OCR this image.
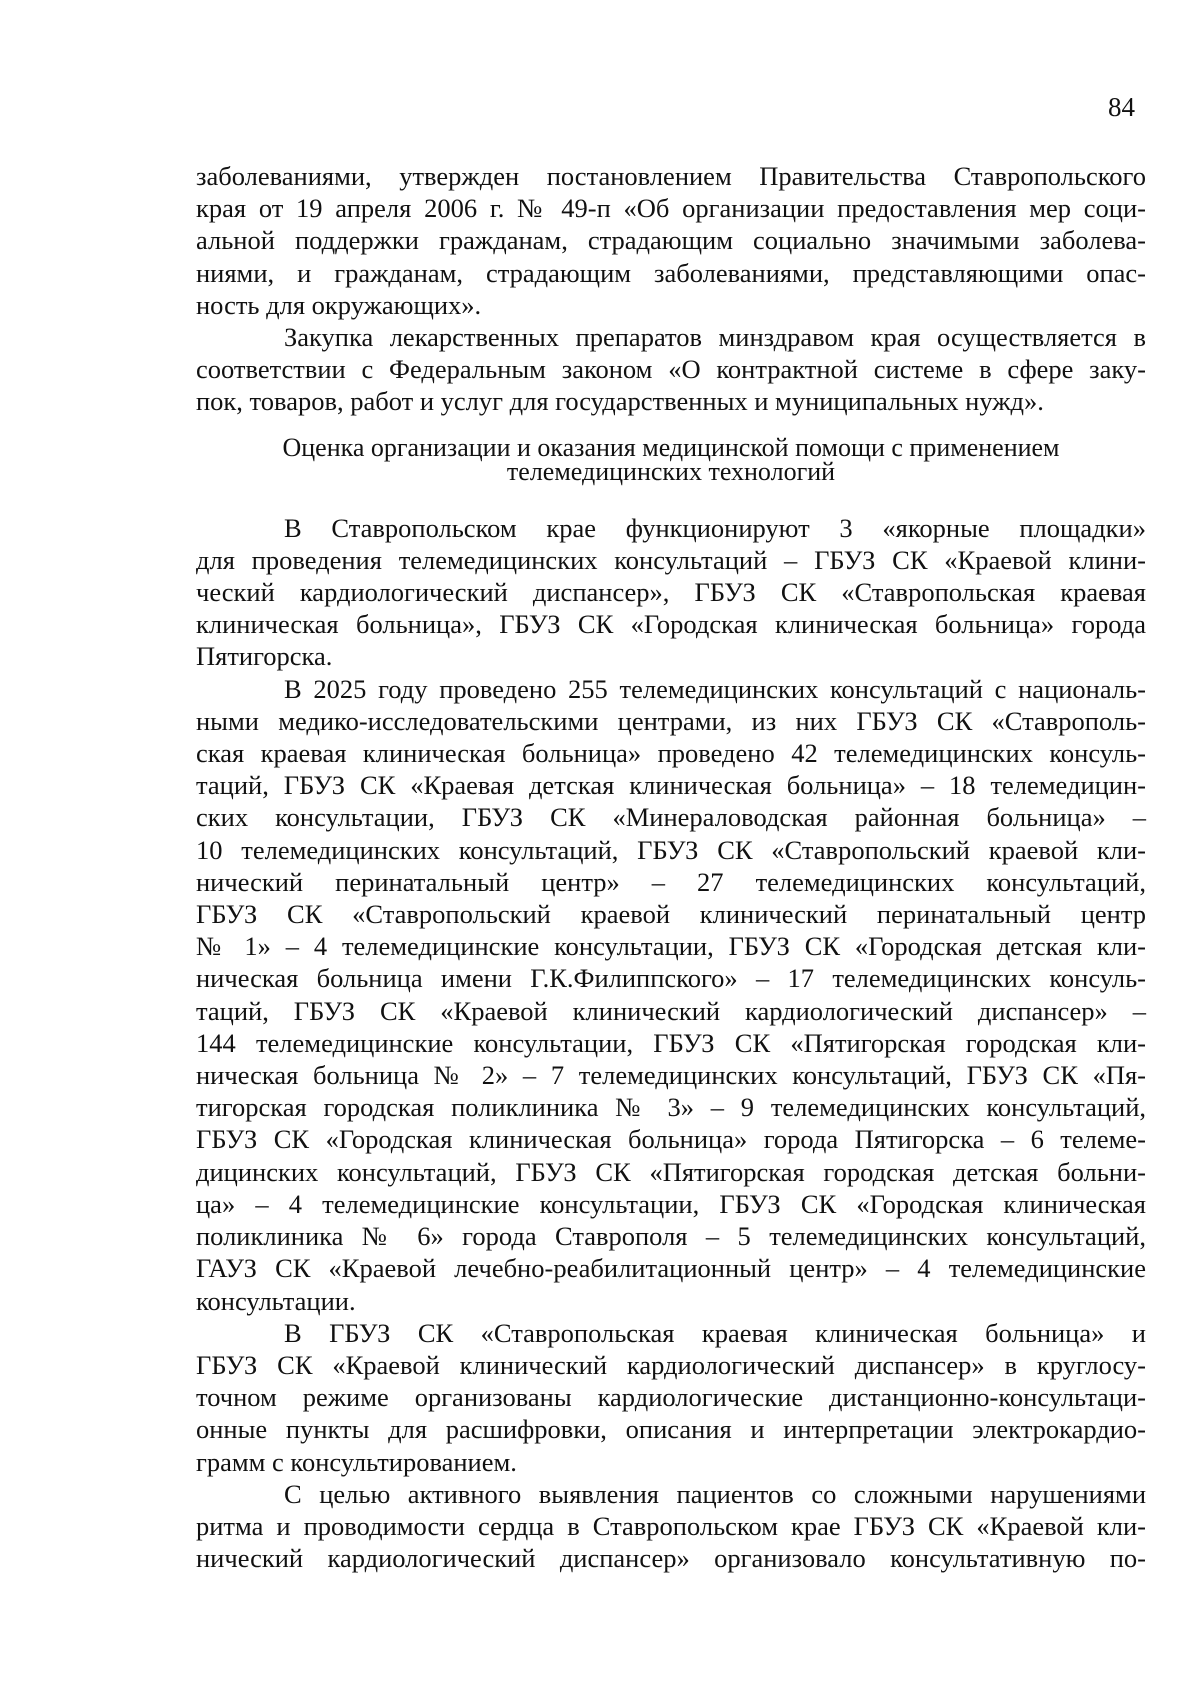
84
заболеваниями, утвержден постановлением Правительства Ставропольского
края от 19 апреля 2006 г. № 49-п «Об организации предоставления мер соци-
альной поддержки гражданам, страдающим социально значимыми заболева-
ниями, и гражданам, страдающим заболеваниями, представляющими опас-
ность для окружающих».
Закупка лекарственных препаратов минздравом края осуществляется в
соответствии с Федеральным законом «О контрактной системе в сфере заку-
пок, товаров, работ и услуг для государственных и муниципальных нужд».
Оценка организации и оказания медицинской помощи с применением
телемедицинских технологий
В Ставропольском крае функционируют 3 «якорные площадки»
для проведения телемедицинских консультаций – ГБУЗ СК «Краевой клини-
ческий кардиологический диспансер», ГБУЗ СК «Ставропольская краевая
клиническая больница», ГБУЗ СК «Городская клиническая больница» города
Пятигорска.
В 2025 году проведено 255 телемедицинских консультаций с националь-
ными медико-исследовательскими центрами, из них ГБУЗ СК «Ставрополь-
ская краевая клиническая больница» проведено 42 телемедицинских консуль-
таций, ГБУЗ СК «Краевая детская клиническая больница» – 18 телемедицин-
ских консультации, ГБУЗ СК «Минераловодская районная больница» –
10 телемедицинских консультаций, ГБУЗ СК «Ставропольский краевой кли-
нический перинатальный центр» – 27 телемедицинских консультаций,
ГБУЗ СК «Ставропольский краевой клинический перинатальный центр
№ 1» – 4 телемедицинские консультации, ГБУЗ СК «Городская детская кли-
ническая больница имени Г.К.Филиппского» – 17 телемедицинских консуль-
таций, ГБУЗ СК «Краевой клинический кардиологический диспансер» –
144 телемедицинские консультации, ГБУЗ СК «Пятигорская городская кли-
ническая больница № 2» – 7 телемедицинских консультаций, ГБУЗ СК «Пя-
тигорская городская поликлиника № 3» – 9 телемедицинских консультаций,
ГБУЗ СК «Городская клиническая больница» города Пятигорска – 6 телеме-
дицинских консультаций, ГБУЗ СК «Пятигорская городская детская больни-
ца» – 4 телемедицинские консультации, ГБУЗ СК «Городская клиническая
поликлиника № 6» города Ставрополя – 5 телемедицинских консультаций,
ГАУЗ СК «Краевой лечебно-реабилитационный центр» – 4 телемедицинские
консультации.
В ГБУЗ СК «Ставропольская краевая клиническая больница» и
ГБУЗ СК «Краевой клинический кардиологический диспансер» в круглосу-
точном режиме организованы кардиологические дистанционно-консультаци-
онные пункты для расшифровки, описания и интерпретации электрокардио-
грамм с консультированием.
С целью активного выявления пациентов со сложными нарушениями
ритма и проводимости сердца в Ставропольском крае ГБУЗ СК «Краевой кли-
нический кардиологический диспансер» организовало консультативную по-
